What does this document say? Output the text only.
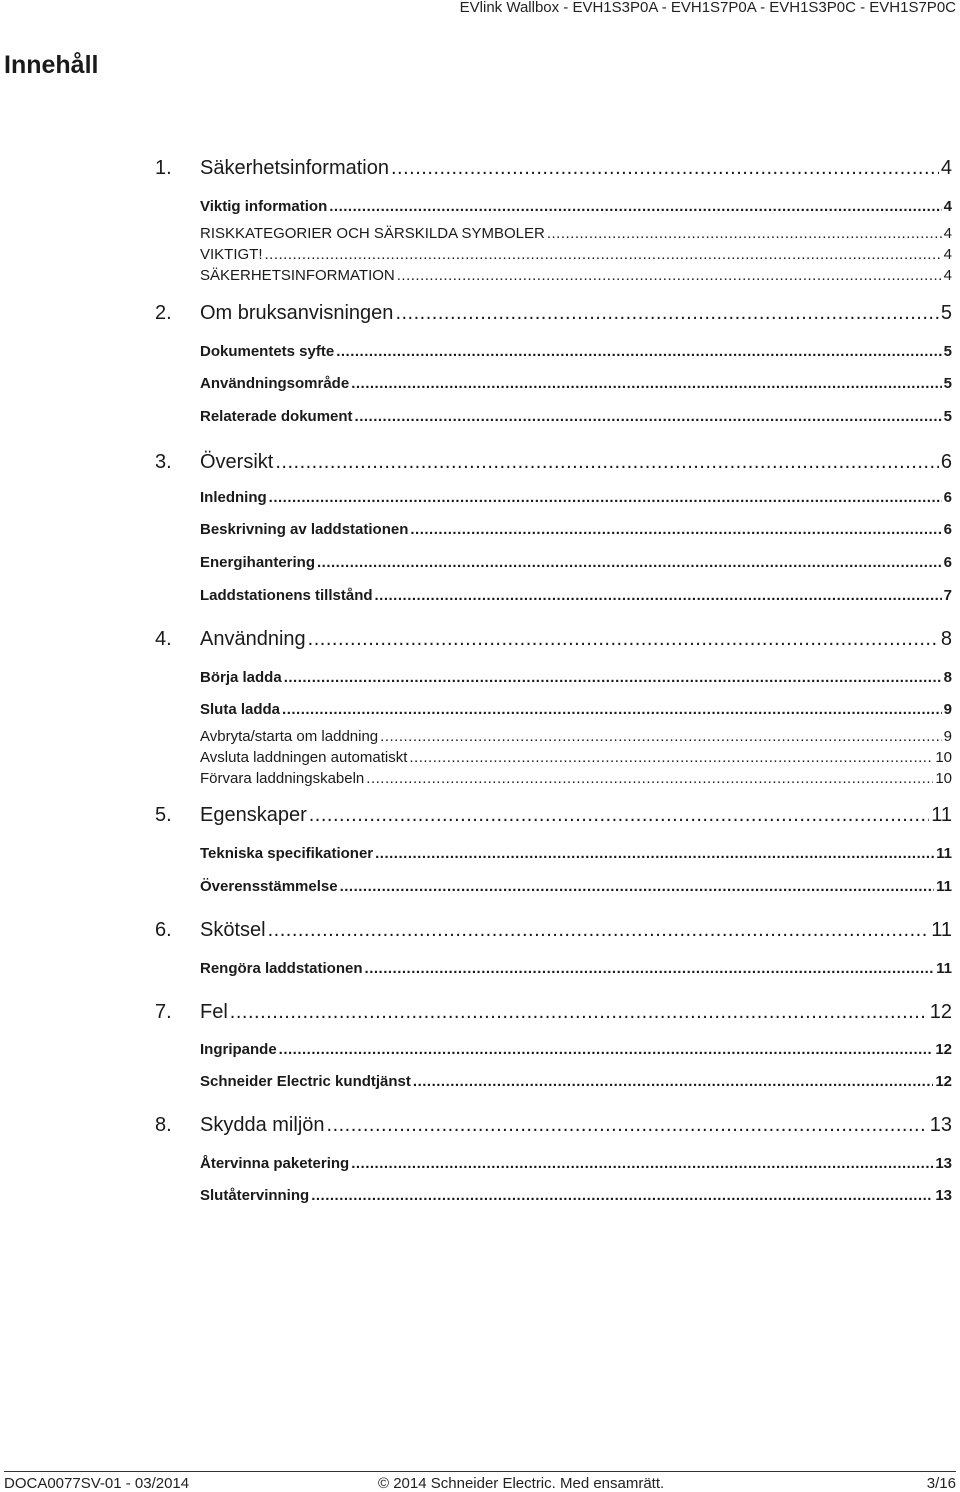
EVlink Wallbox - EVH1S3P0A - EVH1S7P0A - EVH1S3P0C - EVH1S7P0C
Innehåll
1. Säkerhetsinformation .....	4
Viktig information .....	4
RISKKATEGORIER OCH SÄRSKILDA SYMBOLER .....	4
VIKTIGT! .....	4
SÄKERHETSINFORMATION .....	4
2. Om bruksanvisningen .....	5
Dokumentets syfte .....	5
Användningsområde .....	5
Relaterade dokument .....	5
3. Översikt .....	6
Inledning .....	6
Beskrivning av laddstationen .....	6
Energihantering .....	6
Laddstationens tillstånd .....	7
4. Användning .....	8
Börja ladda .....	8
Sluta ladda .....	9
Avbryta/starta om laddning .....	9
Avsluta laddningen automatiskt .....	10
Förvara laddningskabeln .....	10
5. Egenskaper .....	11
Tekniska specifikationer .....	11
Överensstämmelse .....	11
6. Skötsel .....	11
Rengöra laddstationen .....	11
7. Fel .....	12
Ingripande .....	12
Schneider Electric kundtjänst .....	12
8. Skydda miljön .....	13
Återvinna paketering .....	13
Slutåtervinning .....	13
DOCA0077SV-01 - 03/2014	© 2014 Schneider Electric. Med ensamrätt.	3/16
